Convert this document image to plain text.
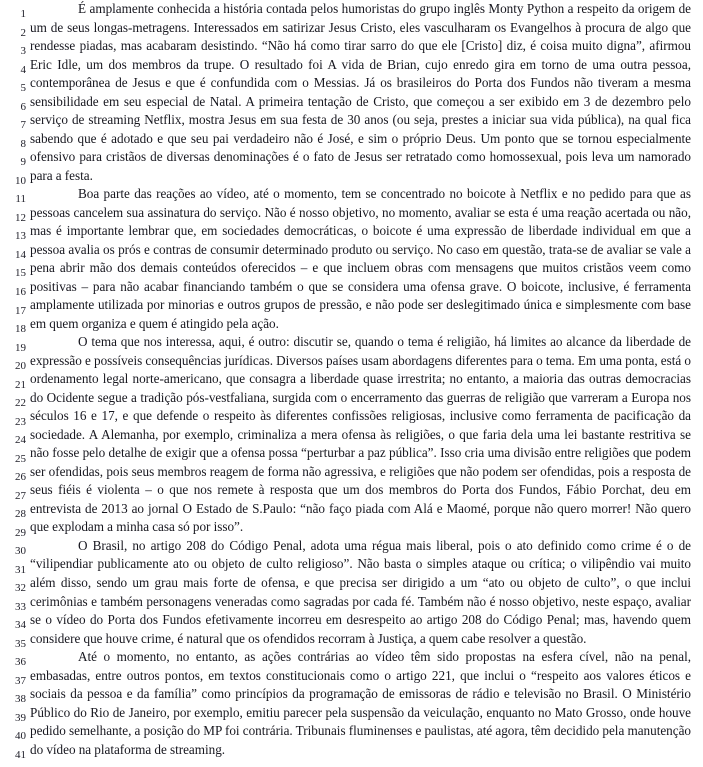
1
2
3
4
5
6
7
8
9
10
11
12
13
14
15
16
17
18
19
20
21
22
23
24
25
26
27
28
29
30
31
32
33
34
35
36
37
38
39
40
41

É amplamente conhecida a história contada pelos humoristas do grupo inglês Monty Python a respeito da origem de um de seus longas-metragens. Interessados em satirizar Jesus Cristo, eles vasculharam os Evangelhos à procura de algo que rendesse piadas, mas acabaram desistindo. “Não há como tirar sarro do que ele [Cristo] diz, é coisa muito digna”, afirmou Eric Idle, um dos membros da trupe. O resultado foi A vida de Brian, cujo enredo gira em torno de uma outra pessoa, contemporânea de Jesus e que é confundida com o Messias. Já os brasileiros do Porta dos Fundos não tiveram a mesma sensibilidade em seu especial de Natal. A primeira tentação de Cristo, que começou a ser exibido em 3 de dezembro pelo serviço de streaming Netflix, mostra Jesus em sua festa de 30 anos (ou seja, prestes a iniciar sua vida pública), na qual fica sabendo que é adotado e que seu pai verdadeiro não é José, e sim o próprio Deus. Um ponto que se tornou especialmente ofensivo para cristãos de diversas denominações é o fato de Jesus ser retratado como homossexual, pois leva um namorado para a festa.

Boa parte das reações ao vídeo, até o momento, tem se concentrado no boicote à Netflix e no pedido para que as pessoas cancelem sua assinatura do serviço. Não é nosso objetivo, no momento, avaliar se esta é uma reação acertada ou não, mas é importante lembrar que, em sociedades democráticas, o boicote é uma expressão de liberdade individual em que a pessoa avalia os prós e contras de consumir determinado produto ou serviço. No caso em questão, trata-se de avaliar se vale a pena abrir mão dos demais conteúdos oferecidos – e que incluem obras com mensagens que muitos cristãos veem como positivas – para não acabar financiando também o que se considera uma ofensa grave. O boicote, inclusive, é ferramenta amplamente utilizada por minorias e outros grupos de pressão, e não pode ser deslegitimado única e simplesmente com base em quem organiza e quem é atingido pela ação.

O tema que nos interessa, aqui, é outro: discutir se, quando o tema é religião, há limites ao alcance da liberdade de expressão e possíveis consequências jurídicas. Diversos países usam abordagens diferentes para o tema. Em uma ponta, está o ordenamento legal norte-americano, que consagra a liberdade quase irrestrita; no entanto, a maioria das outras democracias do Ocidente segue a tradição pós-vestfaliana, surgida com o encerramento das guerras de religião que varreram a Europa nos séculos 16 e 17, e que defende o respeito às diferentes confissões religiosas, inclusive como ferramenta de pacificação da sociedade. A Alemanha, por exemplo, criminaliza a mera ofensa às religiões, o que faria dela uma lei bastante restritiva se não fosse pelo detalhe de exigir que a ofensa possa “perturbar a paz pública”. Isso cria uma divisão entre religiões que podem ser ofendidas, pois seus membros reagem de forma não agressiva, e religiões que não podem ser ofendidas, pois a resposta de seus fiéis é violenta – o que nos remete à resposta que um dos membros do Porta dos Fundos, Fábio Porchat, deu em entrevista de 2013 ao jornal O Estado de S.Paulo: “não faço piada com Alá e Maomé, porque não quero morrer! Não quero que explodam a minha casa só por isso”.

O Brasil, no artigo 208 do Código Penal, adota uma régua mais liberal, pois o ato definido como crime é o de “vilipendiar publicamente ato ou objeto de culto religioso”. Não basta o simples ataque ou crítica; o vilipêndio vai muito além disso, sendo um grau mais forte de ofensa, e que precisa ser dirigido a um “ato ou objeto de culto”, o que inclui cerimônias e também personagens veneradas como sagradas por cada fé. Também não é nosso objetivo, neste espaço, avaliar se o vídeo do Porta dos Fundos efetivamente incorreu em desrespeito ao artigo 208 do Código Penal; mas, havendo quem considere que houve crime, é natural que os ofendidos recorram à Justiça, a quem cabe resolver a questão.

Até o momento, no entanto, as ações contrárias ao vídeo têm sido propostas na esfera cível, não na penal, embasadas, entre outros pontos, em textos constitucionais como o artigo 221, que inclui o “respeito aos valores éticos e sociais da pessoa e da família” como princípios da programação de emissoras de rádio e televisão no Brasil. O Ministério Público do Rio de Janeiro, por exemplo, emitiu parecer pela suspensão da veiculação, enquanto no Mato Grosso, onde houve pedido semelhante, a posição do MP foi contrária. Tribunais fluminenses e paulistas, até agora, têm decidido pela manutenção do vídeo na plataforma de streaming.
